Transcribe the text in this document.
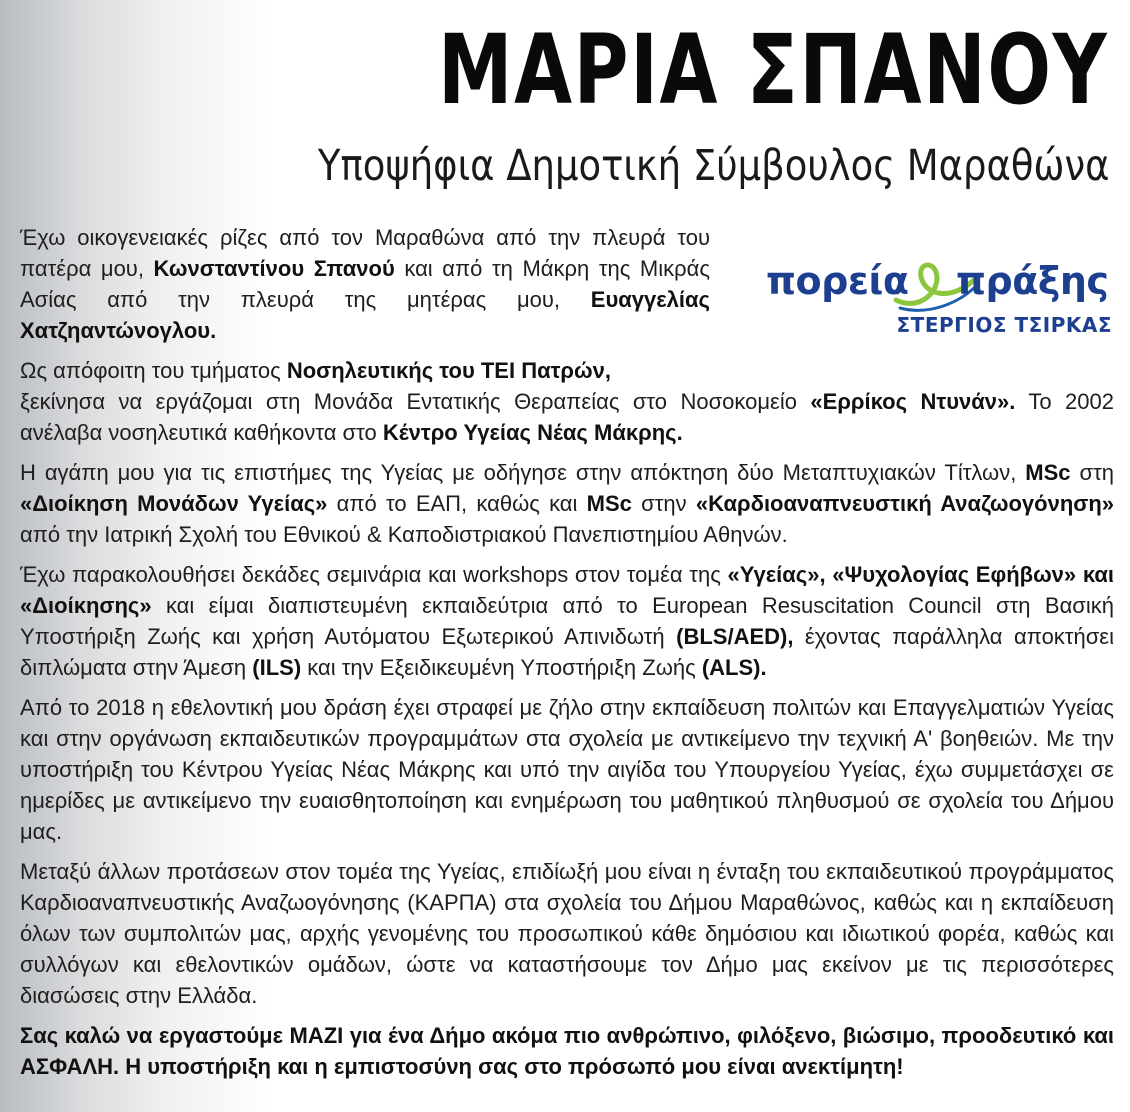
ΜΑΡΙΑ ΣΠΑΝΟΥ
Υποψήφια Δημοτική Σύμβουλος Μαραθώνα
πορεία πράξης
ΣΤΕΡΓΙΟΣ ΤΣΙΡΚΑΣ

Έχω οικογενειακές ρίζες από τον Μαραθώνα από την πλευρά του πατέρα μου, Κωνσταντίνου Σπανού και από τη Μάκρη της Μικράς Ασίας από την πλευρά της μητέρας μου, Ευαγγελίας Χατζηαντώνογλου.

Ως απόφοιτη του τμήματος Νοσηλευτικής του ΤΕΙ Πατρών,
ξεκίνησα να εργάζομαι στη Μονάδα Εντατικής Θεραπείας στο Νοσοκομείο «Ερρίκος Ντυνάν». Το 2002 ανέλαβα νοσηλευτικά καθήκοντα στο Κέντρο Υγείας Νέας Μάκρης.

Η αγάπη μου για τις επιστήμες της Υγείας με οδήγησε στην απόκτηση δύο Μεταπτυχιακών Τίτλων, MSc στη «Διοίκηση Μονάδων Υγείας» από το ΕΑΠ, καθώς και MSc στην «Καρδιοαναπνευστική Αναζωογόνηση» από την Ιατρική Σχολή του Εθνικού & Καποδιστριακού Πανεπιστημίου Αθηνών.

Έχω παρακολουθήσει δεκάδες σεμινάρια και workshops στον τομέα της «Υγείας», «Ψυχολογίας Εφήβων» και «Διοίκησης» και είμαι διαπιστευμένη εκπαιδεύτρια από το European Resuscitation Council στη Βασική Υποστήριξη Ζωής και χρήση Αυτόματου Εξωτερικού Απινιδωτή (BLS/AED), έχοντας παράλληλα αποκτήσει διπλώματα στην Άμεση (ILS) και την Εξειδικευμένη Υποστήριξη Ζωής (ALS).

Από το 2018 η εθελοντική μου δράση έχει στραφεί με ζήλο στην εκπαίδευση πολιτών και Επαγγελματιών Υγείας και στην οργάνωση εκπαιδευτικών προγραμμάτων στα σχολεία με αντικείμενο την τεχνική Α' βοηθειών. Με την υποστήριξη του Κέντρου Υγείας Νέας Μάκρης και υπό την αιγίδα του Υπουργείου Υγείας, έχω συμμετάσχει σε ημερίδες με αντικείμενο την ευαισθητοποίηση και ενημέρωση του μαθητικού πληθυσμού σε σχολεία του Δήμου μας.

Μεταξύ άλλων προτάσεων στον τομέα της Υγείας, επιδίωξή μου είναι η ένταξη του εκπαιδευτικού προγράμματος Καρδιοαναπνευστικής Αναζωογόνησης (ΚΑΡΠΑ) στα σχολεία του Δήμου Μαραθώνος, καθώς και η εκπαίδευση όλων των συμπολιτών μας, αρχής γενομένης του προσωπικού κάθε δημόσιου και ιδιωτικού φορέα, καθώς και συλλόγων και εθελοντικών ομάδων, ώστε να καταστήσουμε τον Δήμο μας εκείνον με τις περισσότερες διασώσεις στην Ελλάδα.

Σας καλώ να εργαστούμε ΜΑΖΙ για ένα Δήμο ακόμα πιο ανθρώπινο, φιλόξενο, βιώσιμο, προοδευτικό και ΑΣΦΑΛΗ. Η υποστήριξη και η εμπιστοσύνη σας στο πρόσωπό μου είναι ανεκτίμητη!
